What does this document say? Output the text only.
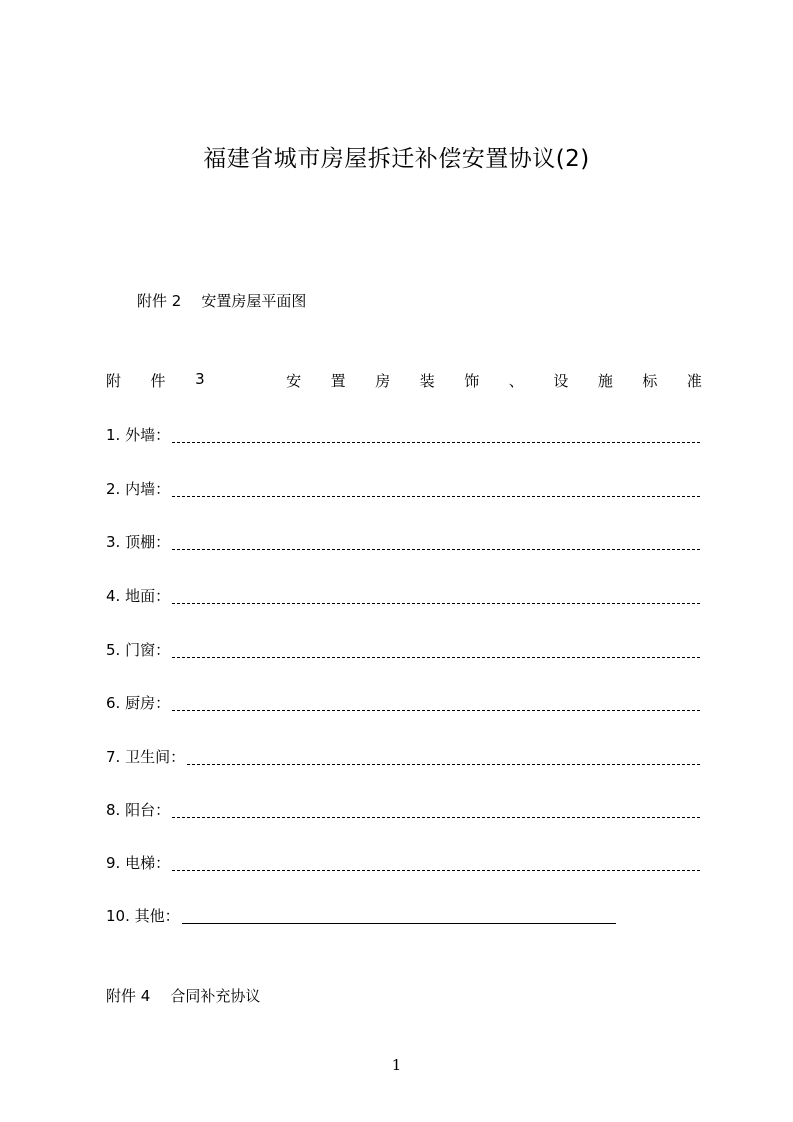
福建省城市房屋拆迁补偿安置协议(2)
附件 2 安置房屋平面图
附 件 3	安 置 房 装 饰 、 设 施 标 准
1. 外墙：
2. 内墙：
3. 顶棚：
4. 地面：
5. 门窗：
6. 厨房：
7. 卫生间：
8. 阳台：
9. 电梯：
10. 其他：
附件 4 合同补充协议
1
